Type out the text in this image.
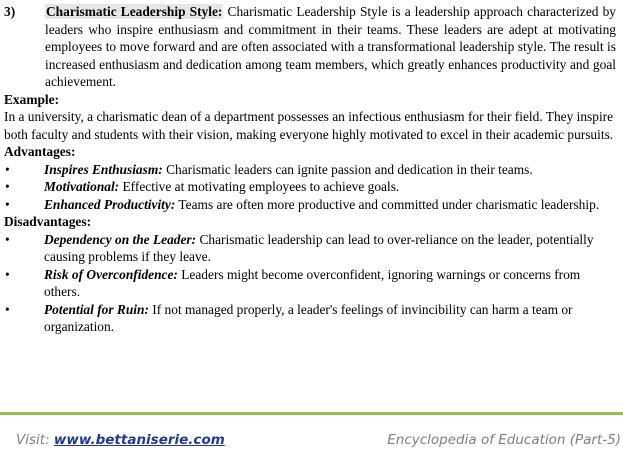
3) Charismatic Leadership Style: Charismatic Leadership Style is a leadership approach characterized by leaders who inspire enthusiasm and commitment in their teams. These leaders are adept at motivating employees to move forward and are often associated with a transformational leadership style. The result is increased enthusiasm and dedication among team members, which greatly enhances productivity and goal achievement.
Example:

In a university, a charismatic dean of a department possesses an infectious enthusiasm for their field. They inspire both faculty and students with their vision, making everyone highly motivated to excel in their academic pursuits.

Advantages:
•	Inspires Enthusiasm: Charismatic leaders can ignite passion and dedication in their teams.
•	Motivational: Effective at motivating employees to achieve goals.
•	Enhanced Productivity: Teams are often more productive and committed under charismatic leadership.
Disadvantages:
•	Dependency on the Leader: Charismatic leadership can lead to over-reliance on the leader, potentially causing problems if they leave.
•	Risk of Overconfidence: Leaders might become overconfident, ignoring warnings or concerns from others.
•	Potential for Ruin: If not managed properly, a leader's feelings of invincibility can harm a team or organization.
Visit: www.bettaniserie.com	Encyclopedia of Education (Part-5)
